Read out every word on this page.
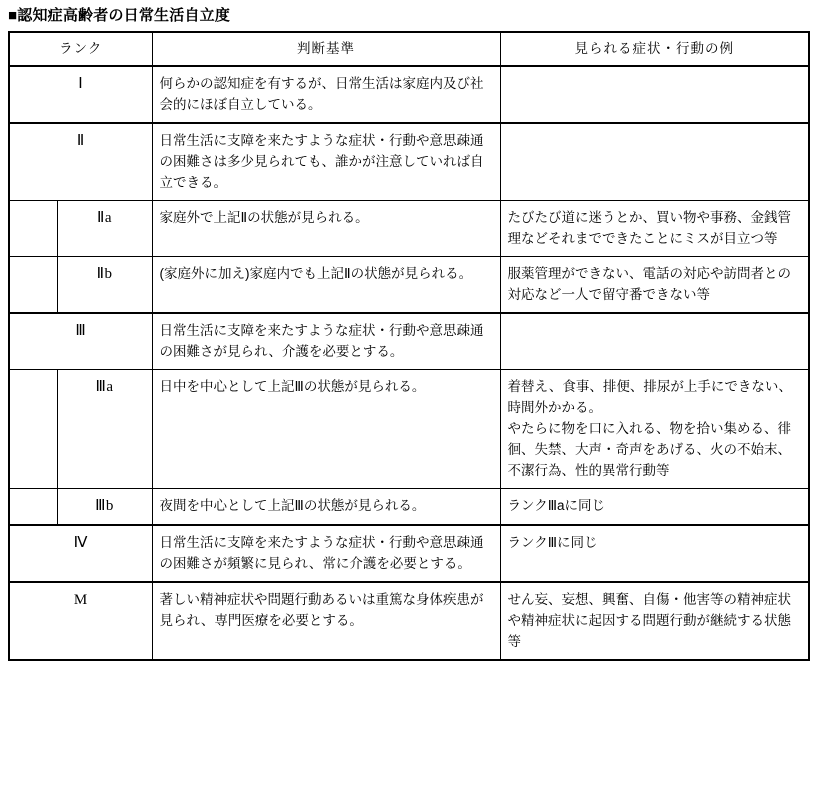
■認知症高齢者の日常生活自立度
ランク		判断基準	見られる症状・行動の例
Ⅰ		何らかの認知症を有するが、日常生活は家庭内及び社会的にほぼ自立している。	
Ⅱ		日常生活に支障を来たすような症状・行動や意思疎通の困難さは多少見られても、誰かが注意していれば自立できる。	
	Ⅱa	家庭外で上記Ⅱの状態が見られる。	たびたび道に迷うとか、買い物や事務、金銭管理などそれまでできたことにミスが目立つ等
	Ⅱb	(家庭外に加え)家庭内でも上記Ⅱの状態が見られる。	服薬管理ができない、電話の対応や訪問者との対応など一人で留守番できない等
Ⅲ		日常生活に支障を来たすような症状・行動や意思疎通の困難さが見られ、介護を必要とする。	
	Ⅲa	日中を中心として上記Ⅲの状態が見られる。	着替え、食事、排便、排尿が上手にできない、時間外かかる。
やたらに物を口に入れる、物を拾い集める、徘徊、失禁、大声・奇声をあげる、火の不始末、不潔行為、性的異常行動等
	Ⅲb	夜間を中心として上記Ⅲの状態が見られる。	ランクⅢaに同じ
Ⅳ		日常生活に支障を来たすような症状・行動や意思疎通の困難さが頻繁に見られ、常に介護を必要とする。	ランクⅢに同じ
M		著しい精神症状や問題行動あるいは重篤な身体疾患が見られ、専門医療を必要とする。	せん妄、妄想、興奮、自傷・他害等の精神症状や精神症状に起因する問題行動が継続する状態等
